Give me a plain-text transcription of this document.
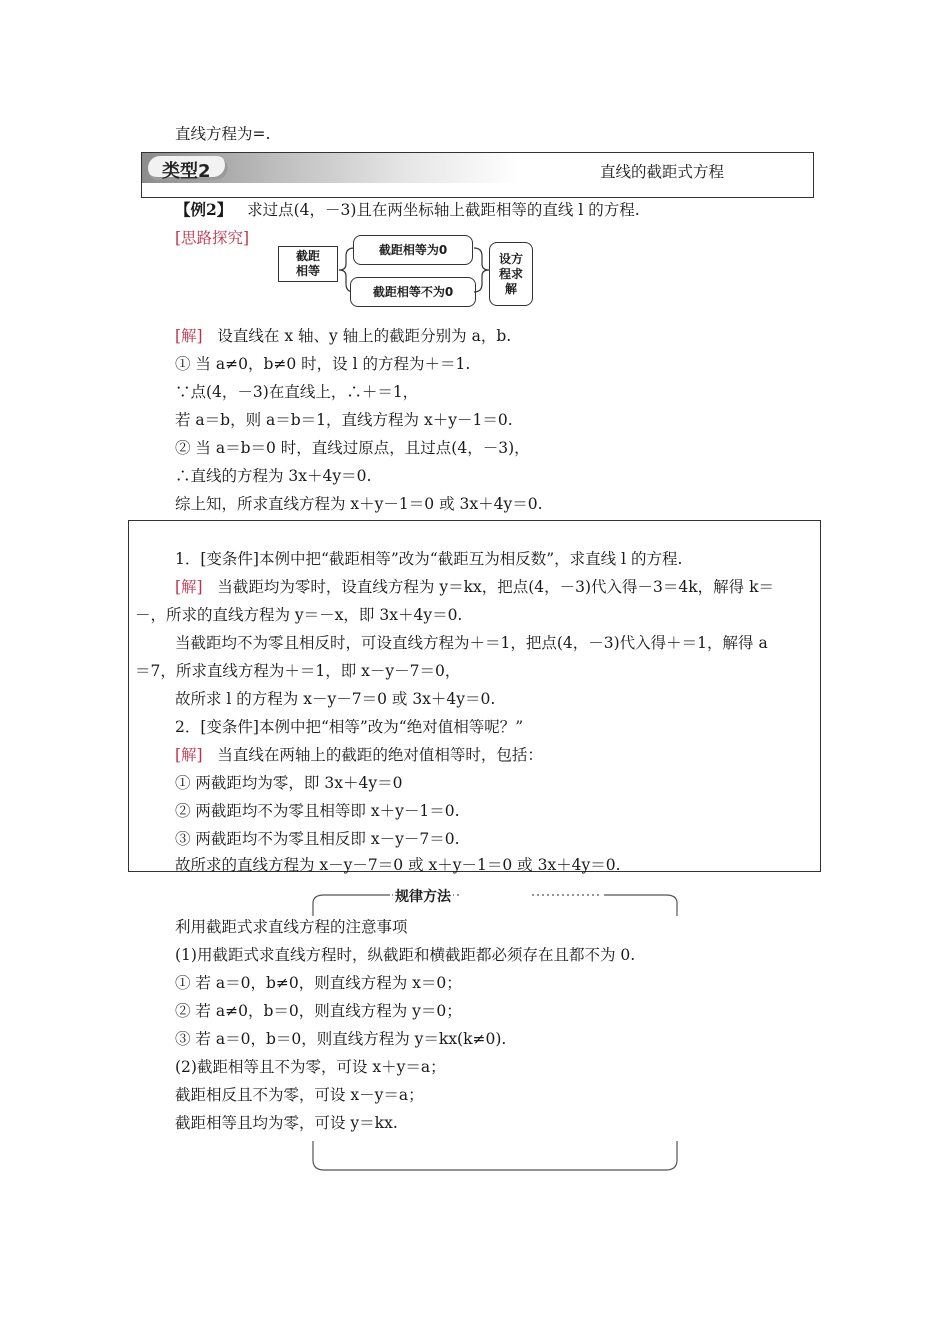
直线方程为=.
类型2	直线的截距式方程
【例2】 求过点(4，－3)且在两坐标轴上截距相等的直线 l 的方程.
[思路探究]
截距相等
截距相等为0
截距相等不为0
设方程求解
[解] 设直线在 x 轴、y 轴上的截距分别为 a，b.
① 当 a≠0，b≠0 时，设 l 的方程为＋＝1.
∵点(4，－3)在直线上，∴＋＝1，
若 a＝b，则 a＝b＝1，直线方程为 x＋y－1＝0.
② 当 a＝b＝0 时，直线过原点，且过点(4，－3)，
∴直线的方程为 3x＋4y＝0.
综上知，所求直线方程为 x＋y－1＝0 或 3x＋4y＝0.
1．[变条件]本例中把“截距相等”改为“截距互为相反数”，求直线 l 的方程.
[解] 当截距均为零时，设直线方程为 y＝kx，把点(4，－3)代入得－3＝4k，解得 k＝
－，所求的直线方程为 y＝－x，即 3x＋4y＝0.
当截距均不为零且相反时，可设直线方程为＋＝1，把点(4，－3)代入得＋＝1，解得 a
＝7，所求直线方程为＋＝1，即 x－y－7＝0，
故所求 l 的方程为 x－y－7＝0 或 3x＋4y＝0.
2．[变条件]本例中把“相等”改为“绝对值相等呢？”
[解] 当直线在两轴上的截距的绝对值相等时，包括：
① 两截距均为零，即 3x＋4y＝0
② 两截距均不为零且相等即 x＋y－1＝0.
③ 两截距均不为零且相反即 x－y－7＝0.
故所求的直线方程为 x－y－7＝0 或 x＋y－1＝0 或 3x＋4y＝0.
规律方法
利用截距式求直线方程的注意事项
(1)用截距式求直线方程时，纵截距和横截距都必须存在且都不为 0.
① 若 a＝0，b≠0，则直线方程为 x＝0；
② 若 a≠0，b＝0，则直线方程为 y＝0；
③ 若 a＝0，b＝0，则直线方程为 y＝kx(k≠0).
(2)截距相等且不为零，可设 x＋y＝a；
截距相反且不为零，可设 x－y＝a；
截距相等且均为零，可设 y＝kx.
